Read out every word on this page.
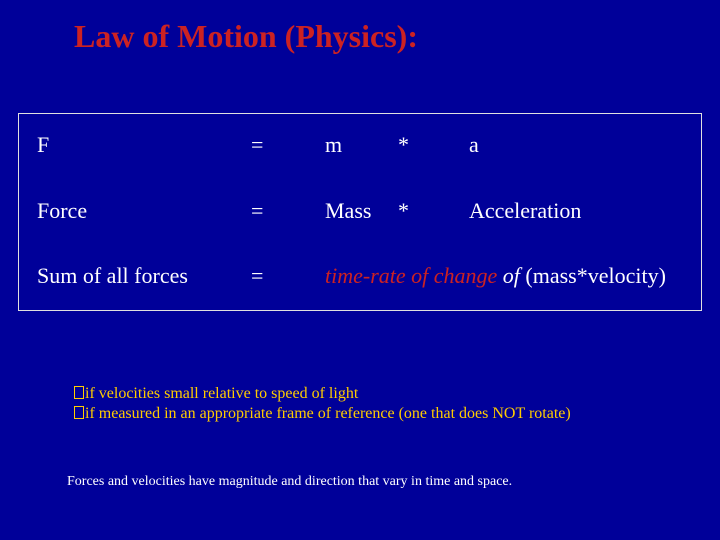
Law of Motion (Physics):
F	=	m	*	a
Force	=	Mass *	Acceleration
Sum of all forces	=	time-rate of change of (mass*velocity)
if velocities small relative to speed of light
if measured in an appropriate frame of reference (one that does NOT rotate)
Forces and velocities have magnitude and direction that vary in time and space.
